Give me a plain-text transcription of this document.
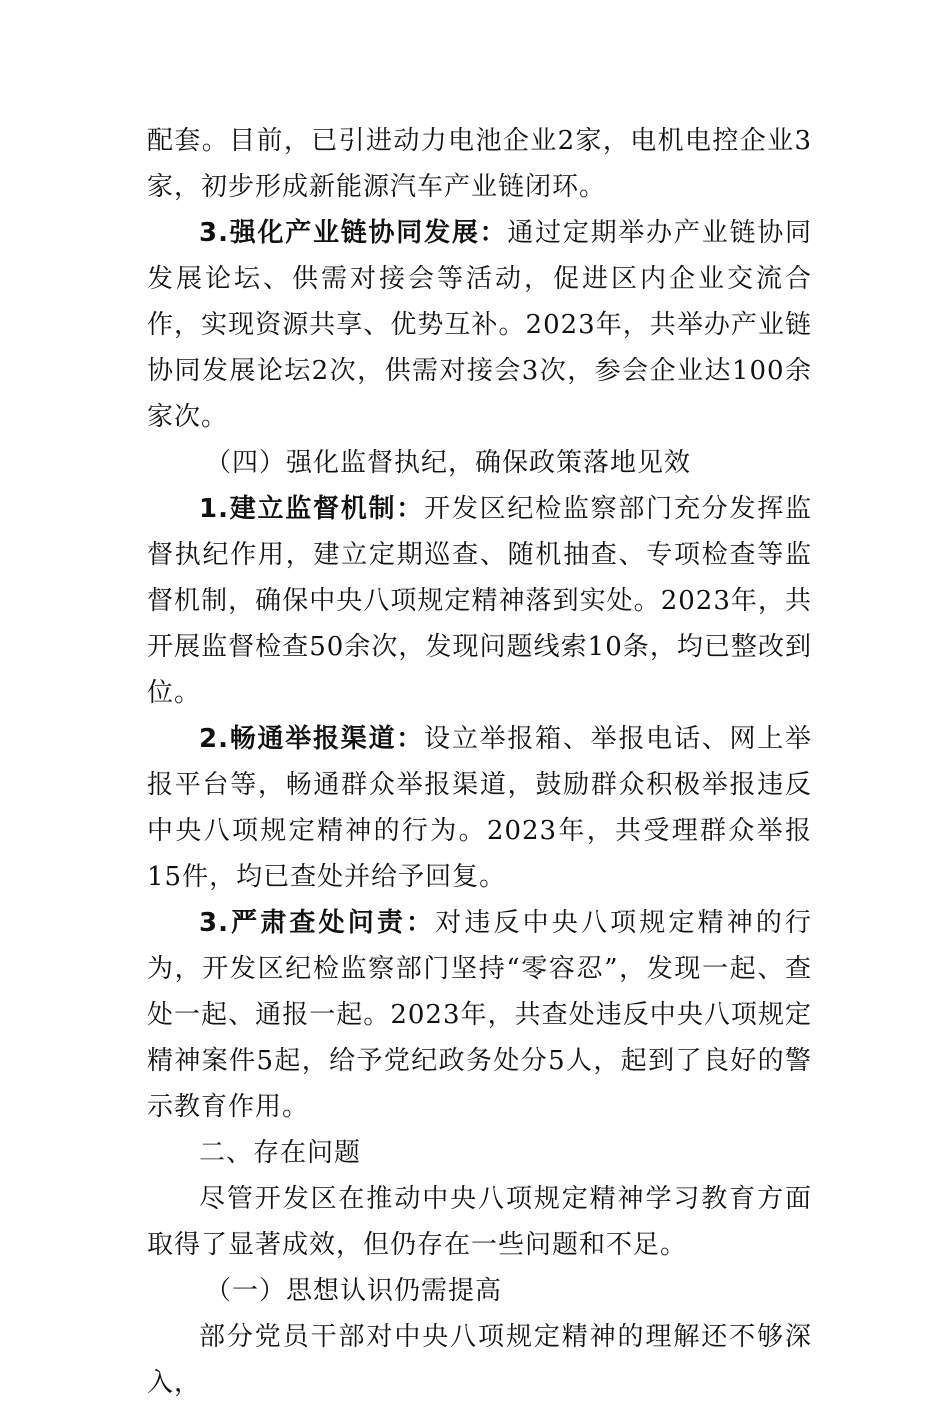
配套。目前，已引进动力电池企业2家，电机电控企业3家，初步形成新能源汽车产业链闭环。

3.强化产业链协同发展：通过定期举办产业链协同发展论坛、供需对接会等活动，促进区内企业交流合作，实现资源共享、优势互补。2023年，共举办产业链协同发展论坛2次，供需对接会3次，参会企业达100余家次。

（四）强化监督执纪，确保政策落地见效

1.建立监督机制：开发区纪检监察部门充分发挥监督执纪作用，建立定期巡查、随机抽查、专项检查等监督机制，确保中央八项规定精神落到实处。2023年，共开展监督检查50余次，发现问题线索10条，均已整改到位。

2.畅通举报渠道：设立举报箱、举报电话、网上举报平台等，畅通群众举报渠道，鼓励群众积极举报违反中央八项规定精神的行为。2023年，共受理群众举报15件，均已查处并给予回复。

3.严肃查处问责：对违反中央八项规定精神的行为，开发区纪检监察部门坚持“零容忍”，发现一起、查处一起、通报一起。2023年，共查处违反中央八项规定精神案件5起，给予党纪政务处分5人，起到了良好的警示教育作用。

二、存在问题

尽管开发区在推动中央八项规定精神学习教育方面取得了显著成效，但仍存在一些问题和不足。

（一）思想认识仍需提高

部分党员干部对中央八项规定精神的理解还不够深入，
